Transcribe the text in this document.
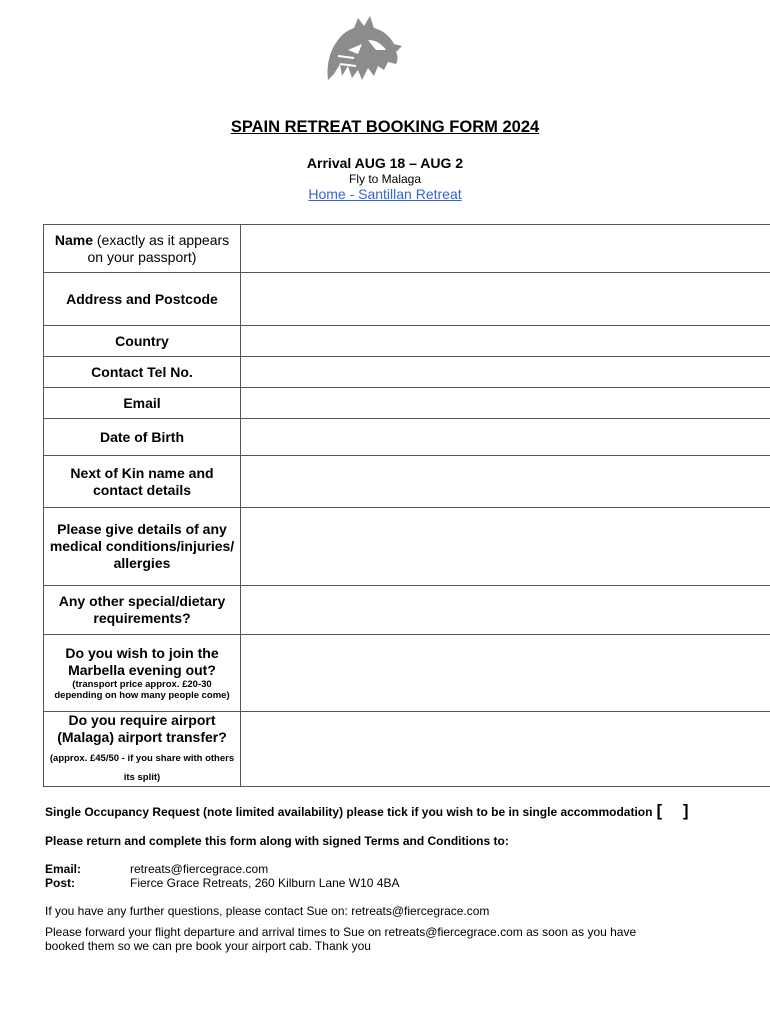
SPAIN RETREAT BOOKING FORM 2024
Arrival AUG 18 – AUG 2
Fly to Malaga
Home - Santillan Retreat
Name (exactly as it appears on your passport)	
Address and Postcode	
Country	
Contact Tel No.	
Email	
Date of Birth	
Next of Kin name and contact details	
Please give details of any medical conditions/injuries/ allergies	
Any other special/dietary requirements?	
Do you wish to join the Marbella evening out?
(transport price approx. £20-30 depending on how many people come)	

Do you require airport (Malaga) airport transfer? (approx. £45/50 - if you share with others its split)	
Single Occupancy Request (note limited availability) please tick if you wish to be in single accommodation [ ]
Please return and complete this form along with signed Terms and Conditions to:
Email:	retreats@fiercegrace.com
Post:	Fierce Grace Retreats, 260 Kilburn Lane W10 4BA
If you have any further questions, please contact Sue on: retreats@fiercegrace.com
Please forward your flight departure and arrival times to Sue on retreats@fiercegrace.com as soon as you have
booked them so we can pre book your airport cab. Thank you
